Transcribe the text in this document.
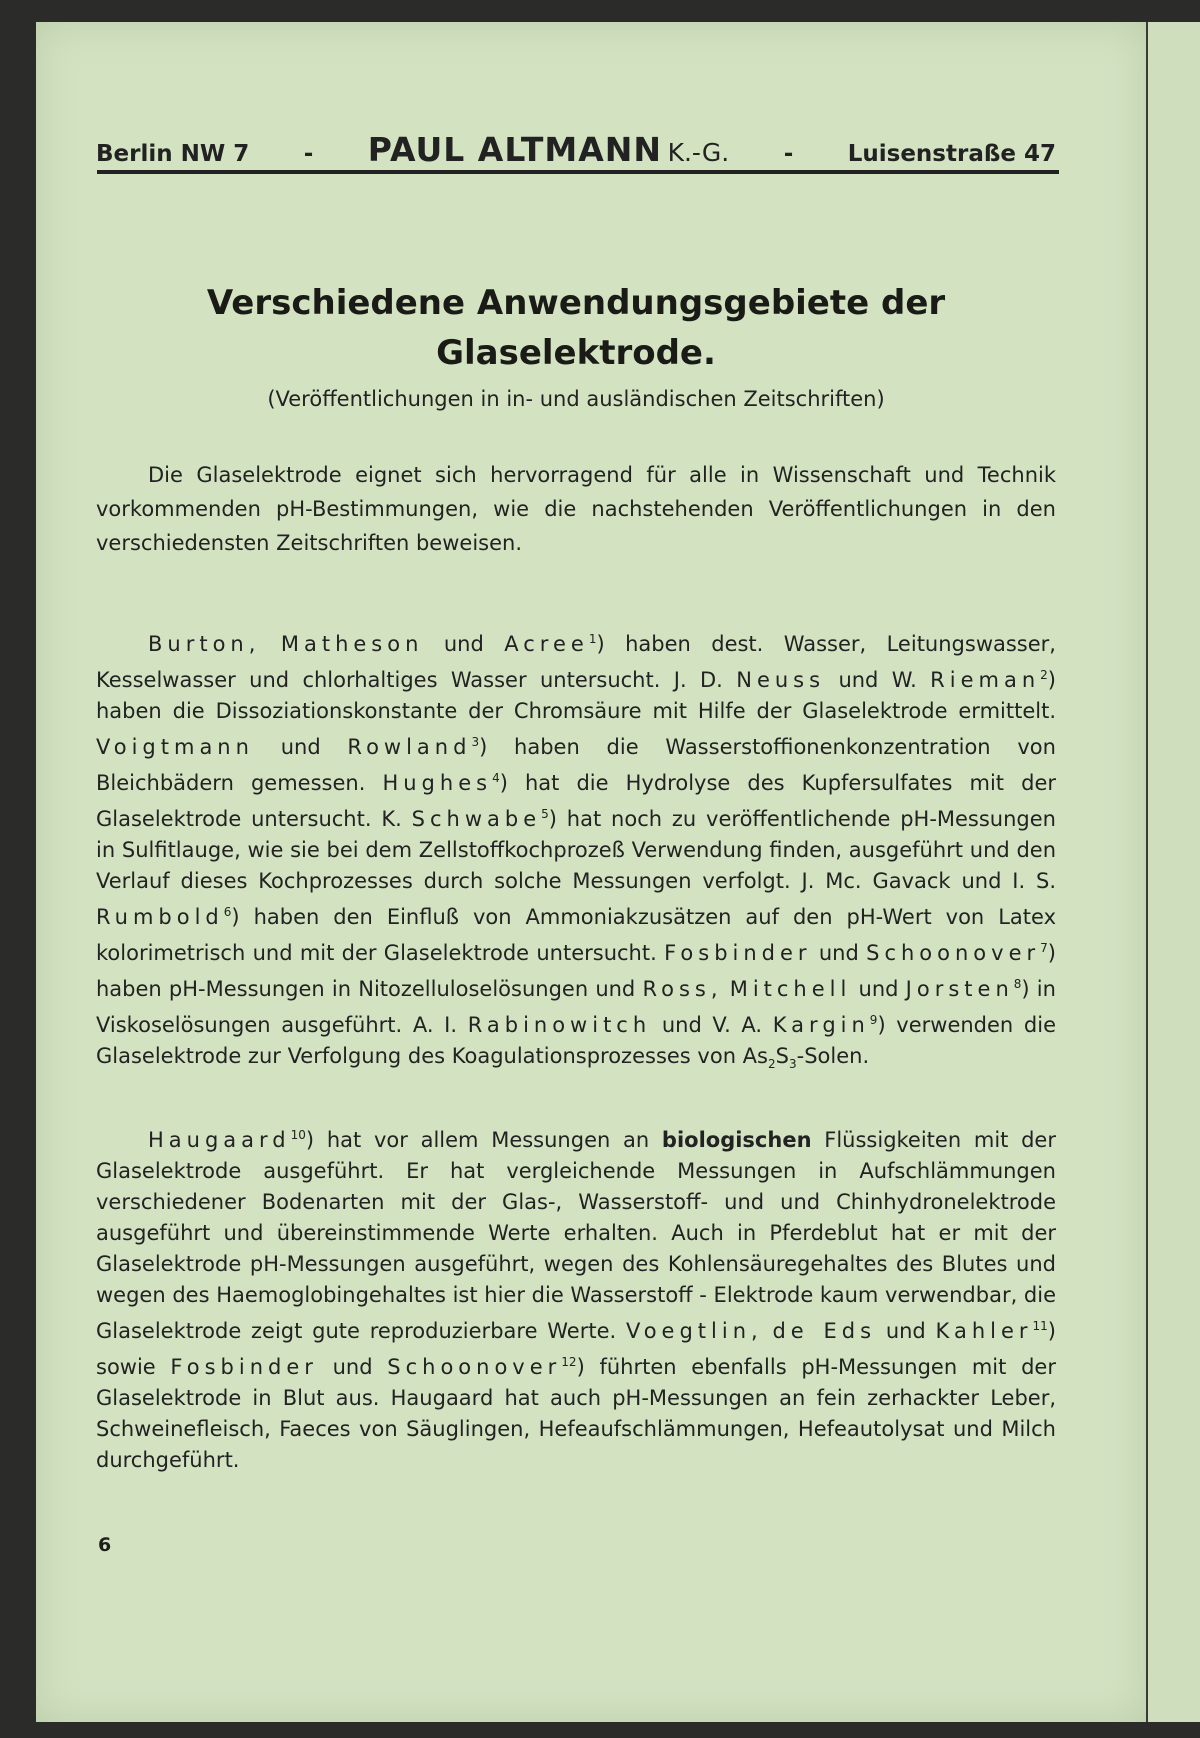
Berlin NW 7	- PAUL ALTMANN K.-G.	-	Luisenstraße 47
Verschiedene Anwendungsgebiete der
Glaselektrode.
(Veröffentlichungen in in- und ausländischen Zeitschriften)
Die Glaselektrode eignet sich hervorragend für alle in Wissenschaft und Technik vorkommenden pH-Bestimmungen, wie die nachstehenden Veröffentlichungen in den verschiedensten Zeitschriften beweisen.
Burton, Matheson und Acree$^1$) haben dest. Wasser, Leitungswasser, Kesselwasser und chlorhaltiges Wasser untersucht. J. D. Neuss und W. Rieman$^2$) haben die Dissoziationskonstante der Chromsäure mit Hilfe der Glaselektrode ermittelt. Voigtmann und Rowland$^3$) haben die Wasserstoffionenkonzentration von Bleichbädern gemessen. Hughes$^4$) hat die Hydrolyse des Kupfersulfates mit der Glaselektrode untersucht. K. Schwabe$^5$) hat noch zu veröffentlichende pH-Messungen in Sulfitlauge, wie sie bei dem Zellstoffkochprozeß Verwendung finden, ausgeführt und den Verlauf dieses Kochprozesses durch solche Messungen verfolgt. J. Mc. Gavack und I. S. Rumbold$^6$) haben den Einfluß von Ammoniakzusätzen auf den pH-Wert von Latex kolorimetrisch und mit der Glaselektrode untersucht. Fosbinder und Schoonover$^7$) haben pH-Messungen in Nitozelluloselösungen und Ross, Mitchell und Jorsten$^8$) in Viskoselösungen ausgeführt. A. I. Rabinowitch und V. A. Kargin$^9$) verwenden die Glaselektrode zur Verfolgung des Koagulationsprozesses von $As_2S_3$-Solen.
Haugaard$^{10}$) hat vor allem Messungen an biologischen Flüssigkeiten mit der Glaselektrode ausgeführt. Er hat vergleichende Messungen in Aufschlämmungen verschiedener Bodenarten mit der Glas-, Wasserstoff- und und Chinhydronelektrode ausgeführt und übereinstimmende Werte erhalten. Auch in Pferdeblut hat er mit der Glaselektrode pH-Messungen ausgeführt, wegen des Kohlensäuregehaltes des Blutes und wegen des Haemoglobingehaltes ist hier die Wasserstoff - Elektrode kaum verwendbar, die Glaselektrode zeigt gute reproduzierbare Werte. Voegtlin, de Eds und Kahler$^{11}$) sowie Fosbinder und Schoonover$^{12}$) führten ebenfalls pH-Messungen mit der Glaselektrode in Blut aus. Haugaard hat auch pH-Messungen an fein zerhackter Leber, Schweinefleisch, Faeces von Säuglingen, Hefeaufschlämmungen, Hefeautolysat und Milch durchgeführt.
6
